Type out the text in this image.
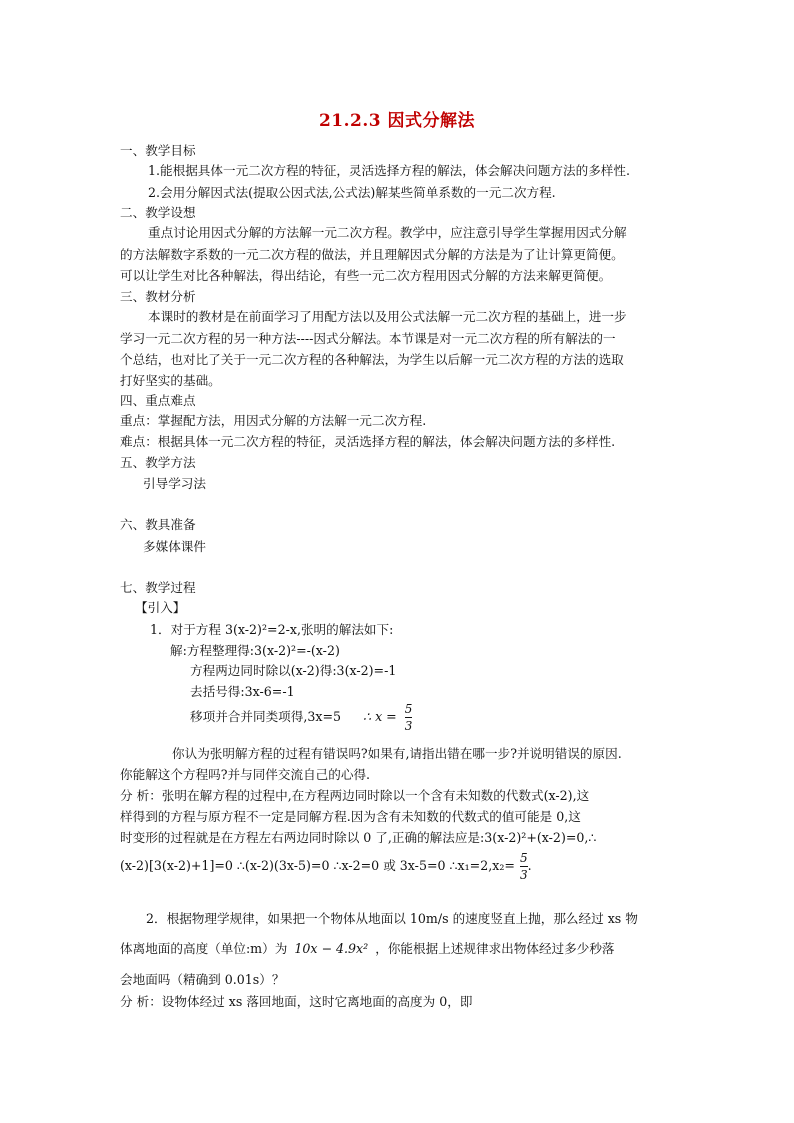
21.2.3 因式分解法
一、教学目标
1.能根据具体一元二次方程的特征，灵活选择方程的解法，体会解决问题方法的多样性.
2.会用分解因式法(提取公因式法,公式法)解某些简单系数的一元二次方程.
二、教学设想
重点讨论用因式分解的方法解一元二次方程。教学中，应注意引导学生掌握用因式分解
的方法解数字系数的一元二次方程的做法，并且理解因式分解的方法是为了让计算更简便。
可以让学生对比各种解法，得出结论，有些一元二次方程用因式分解的方法来解更简便。
三、教材分析
本课时的教材是在前面学习了用配方法以及用公式法解一元二次方程的基础上，进一步
学习一元二次方程的另一种方法----因式分解法。本节课是对一元二次方程的所有解法的一
个总结，也对比了关于一元二次方程的各种解法，为学生以后解一元二次方程的方法的选取
打好坚实的基础。
四、重点难点
重点：掌握配方法，用因式分解的方法解一元二次方程.
难点：根据具体一元二次方程的特征，灵活选择方程的解法，体会解决问题方法的多样性.
五、教学方法
引导学习法
六、教具准备
多媒体课件
七、教学过程
【引入】
1．对于方程 3(x-2)²=2-x,张明的解法如下:
解:方程整理得:3(x-2)²=-(x-2)
方程两边同时除以(x-2)得:3(x-2)=-1
去括号得:3x-6=-1
移项并合并同类项得,3x=5 ∴ $x = \frac{5}{3}$
你认为张明解方程的过程有错误吗?如果有,请指出错在哪一步?并说明错误的原因.
你能解这个方程吗?并与同伴交流自己的心得.
分 析：张明在解方程的过程中,在方程两边同时除以一个含有未知数的代数式(x-2),这
样得到的方程与原方程不一定是同解方程.因为含有未知数的代数式的值可能是 0,这
时变形的过程就是在方程左右两边同时除以 0 了,正确的解法应是:3(x-2)²+(x-2)=0,∴
(x-2)[3(x-2)+1]=0 ∴(x-2)(3x-5)=0 ∴x-2=0 或 3x-5=0 ∴x₁=2,x₂= $\frac{5}{3}$ .
2．根据物理学规律，如果把一个物体从地面以 10m/s 的速度竖直上抛，那么经过 xs 物
体离地面的高度（单位:m）为 10x − 4.9x² ，你能根据上述规律求出物体经过多少秒落
会地面吗（精确到 0.01s）？
分 析：设物体经过 xs 落回地面，这时它离地面的高度为 0，即
